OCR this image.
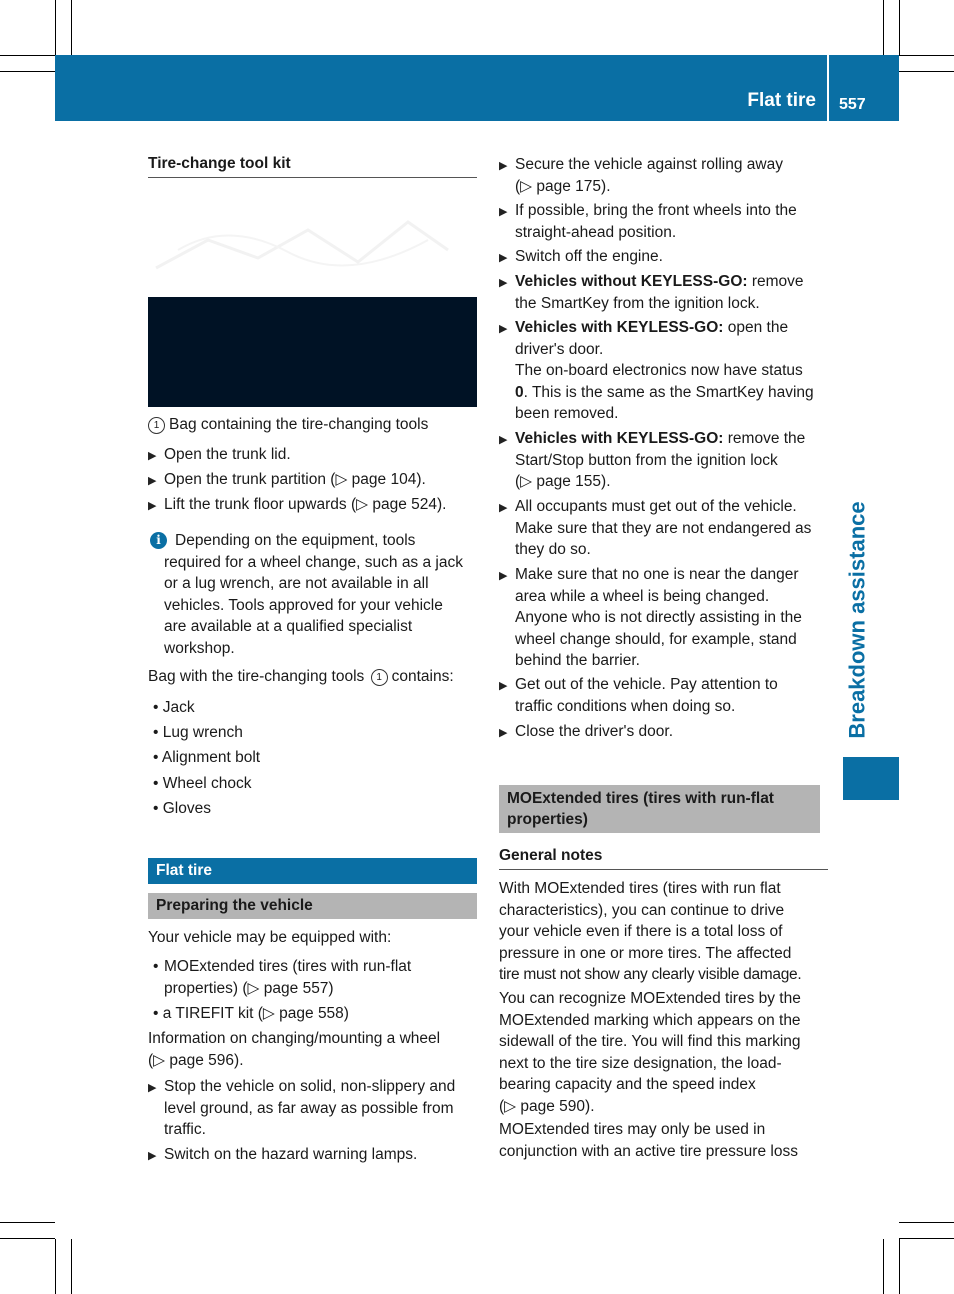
Flat tire 557
Breakdown assistance
Tire-change tool kit
1 Bag containing the tire-changing tools
▶ Open the trunk lid.
▶ Open the trunk partition (▷ page 104).
▶ Lift the trunk floor upwards (▷ page 524).
i Depending on the equipment, tools
required for a wheel change, such as a jack
or a lug wrench, are not available in all
vehicles. Tools approved for your vehicle
are available at a qualified specialist
workshop.
Bag with the tire-changing tools 1 contains:
• Jack
• Lug wrench
• Alignment bolt
• Wheel chock
• Gloves
Flat tire
Preparing the vehicle
Your vehicle may be equipped with:
• MOExtended tires (tires with run-flat
properties) (▷ page 557)
• a TIREFIT kit (▷ page 558)
Information on changing/mounting a wheel
(▷ page 596).
▶ Stop the vehicle on solid, non-slippery and
level ground, as far away as possible from
traffic.
▶ Switch on the hazard warning lamps.
▶ Secure the vehicle against rolling away
(▷ page 175).
▶ If possible, bring the front wheels into the
straight-ahead position.
▶ Switch off the engine.
▶ Vehicles without KEYLESS-GO: remove
the SmartKey from the ignition lock.
▶ Vehicles with KEYLESS-GO: open the
driver's door.
The on-board electronics now have status
0. This is the same as the SmartKey having
been removed.
▶ Vehicles with KEYLESS-GO: remove the
Start/Stop button from the ignition lock
(▷ page 155).
▶ All occupants must get out of the vehicle.
Make sure that they are not endangered as
they do so.
▶ Make sure that no one is near the danger
area while a wheel is being changed.
Anyone who is not directly assisting in the
wheel change should, for example, stand
behind the barrier.
▶ Get out of the vehicle. Pay attention to
traffic conditions when doing so.
▶ Close the driver's door.
MOExtended tires (tires with run-flat
properties)
General notes
With MOExtended tires (tires with run flat
characteristics), you can continue to drive
your vehicle even if there is a total loss of
pressure in one or more tires. The affected
tire must not show any clearly visible damage.
You can recognize MOExtended tires by the
MOExtended marking which appears on the
sidewall of the tire. You will find this marking
next to the tire size designation, the load-
bearing capacity and the speed index
(▷ page 590).
MOExtended tires may only be used in
conjunction with an active tire pressure loss
